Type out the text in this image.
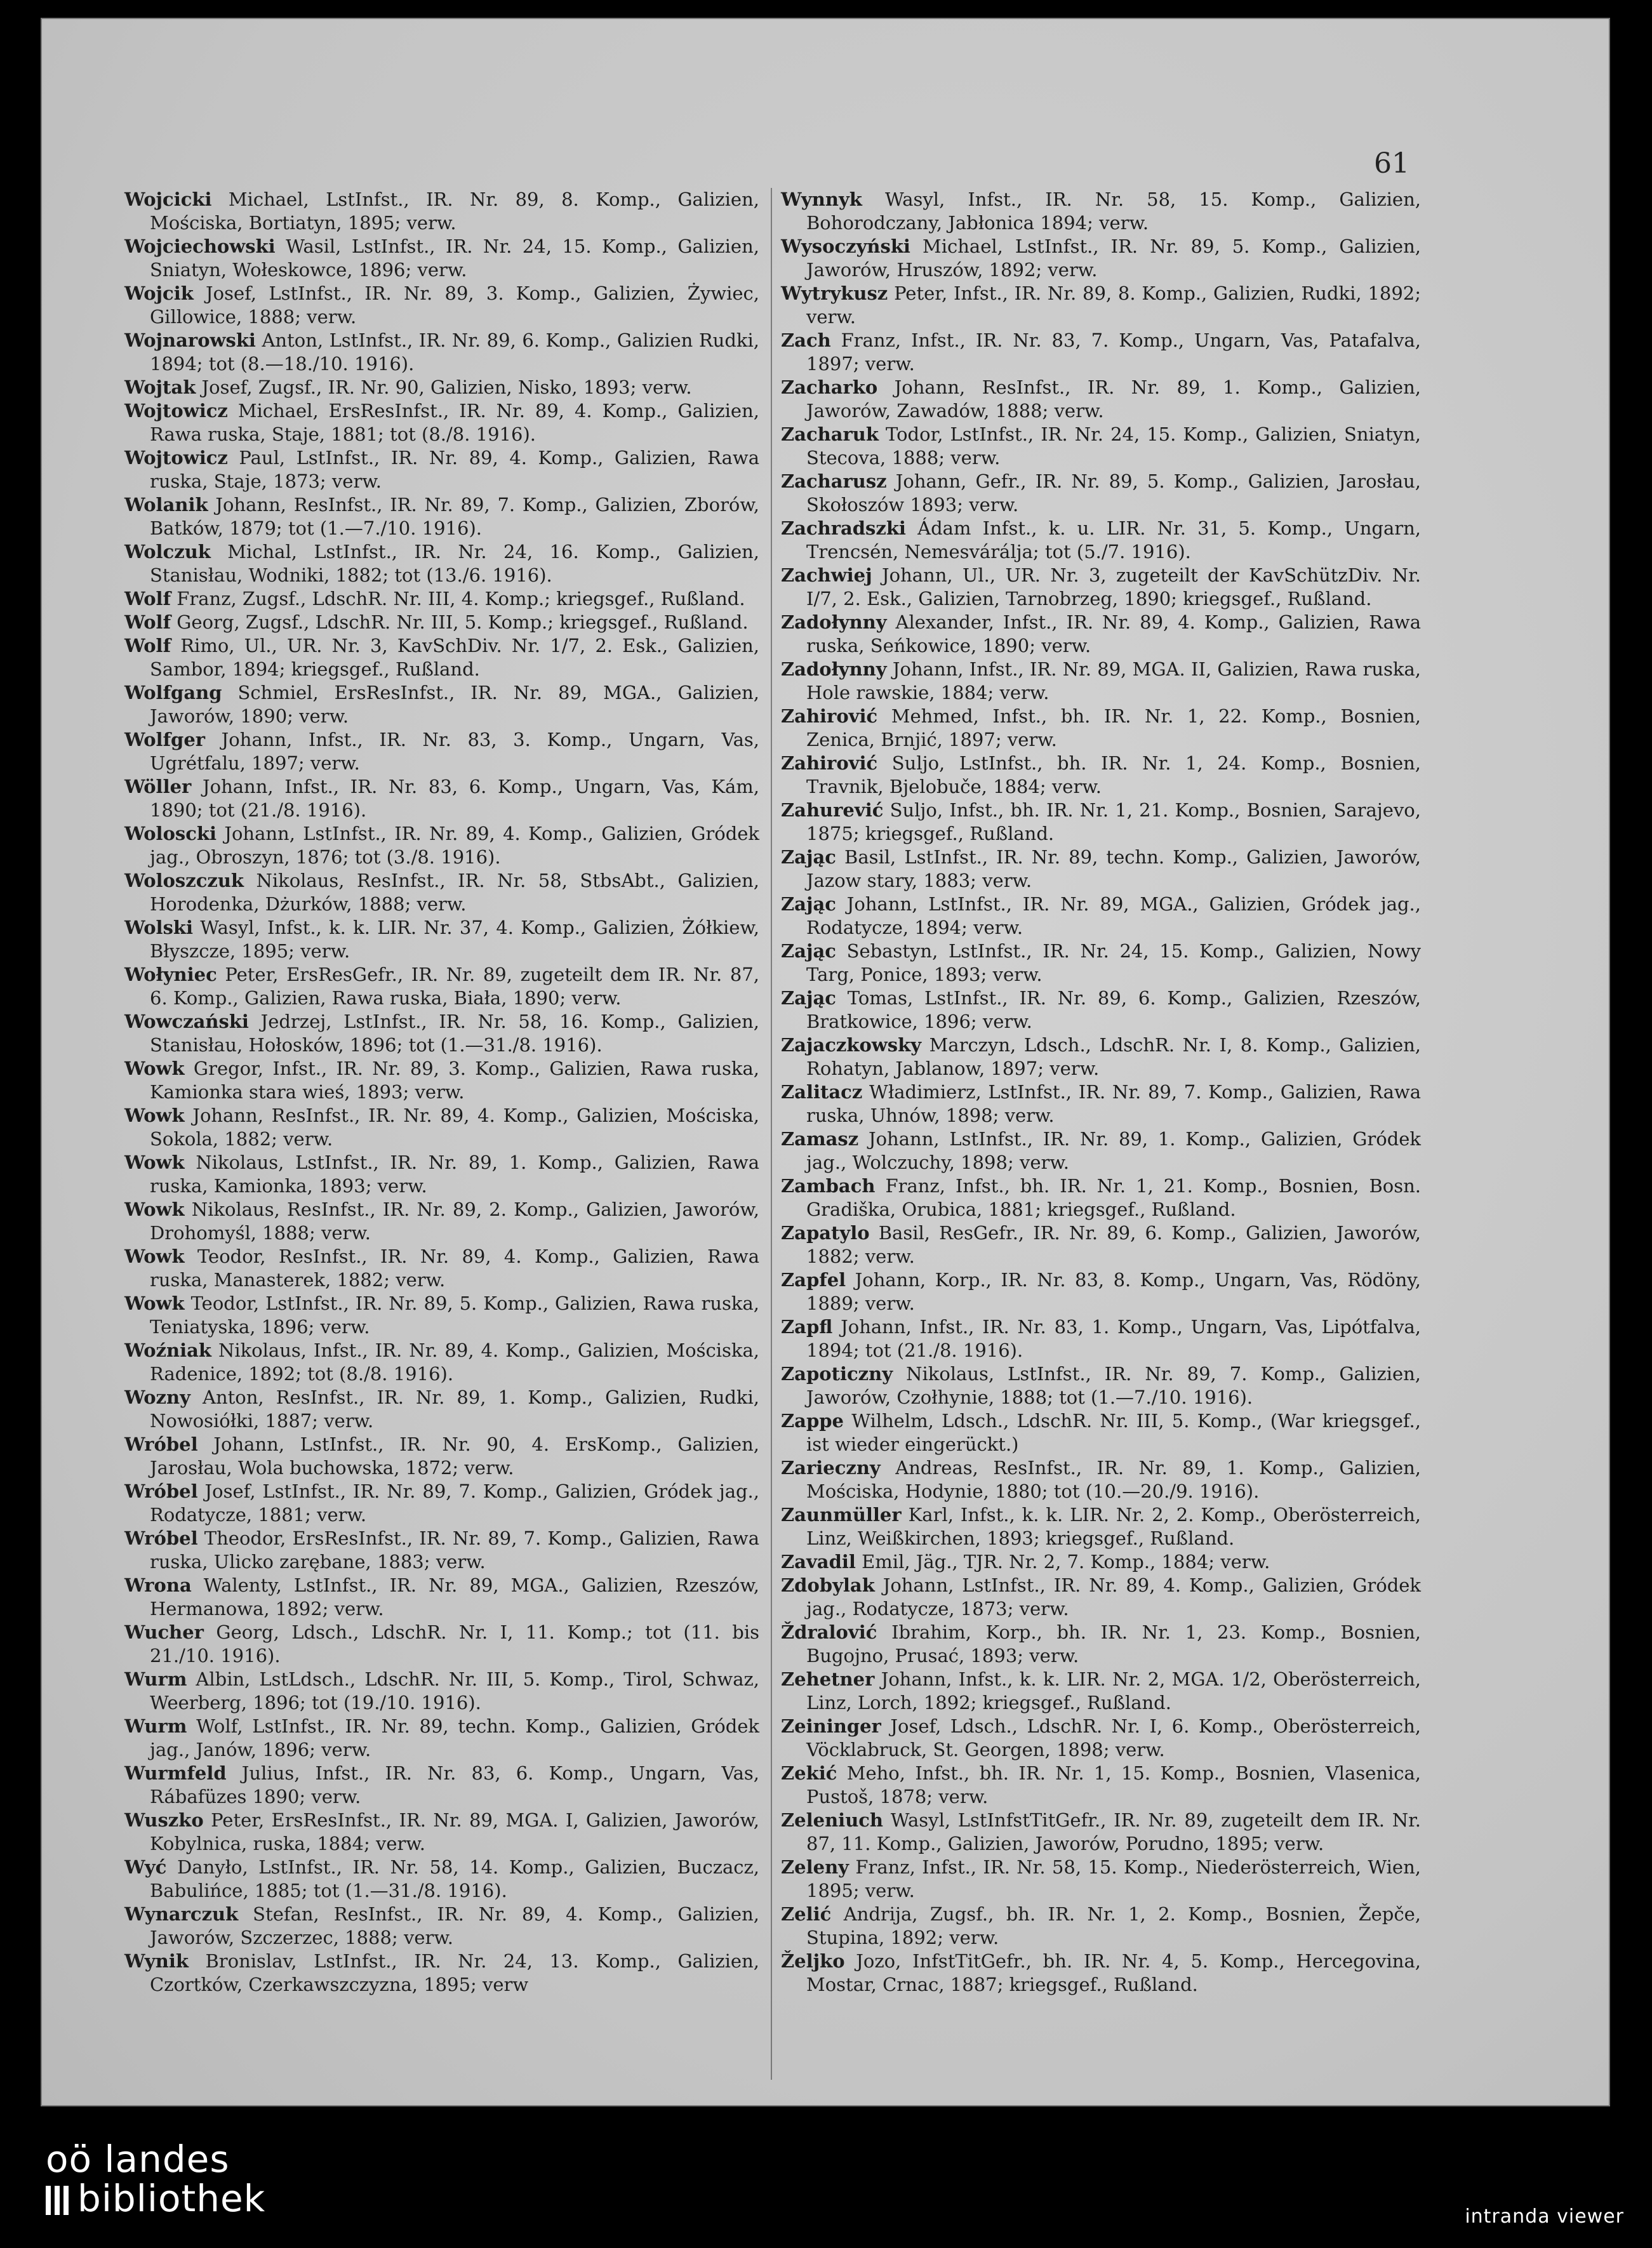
61
Wojcicki Michael, LstInfst., IR. Nr. 89, 8. Komp., Galizien, Mościska, Bortiatyn, 1895; verw.
Wojciechowski Wasil, LstInfst., IR. Nr. 24, 15. Komp., Galizien, Sniatyn, Wołeskowce, 1896; verw.
Wojcik Josef, LstInfst., IR. Nr. 89, 3. Komp., Galizien, Żywiec, Gillowice, 1888; verw.
Wojnarowski Anton, LstInfst., IR. Nr. 89, 6. Komp., Galizien Rudki, 1894; tot (8.—18./10. 1916).
Wojtak Josef, Zugsf., IR. Nr. 90, Galizien, Nisko, 1893; verw.
Wojtowicz Michael, ErsResInfst., IR. Nr. 89, 4. Komp., Galizien, Rawa ruska, Staje, 1881; tot (8./8. 1916).
Wojtowicz Paul, LstInfst., IR. Nr. 89, 4. Komp., Galizien, Rawa ruska, Staje, 1873; verw.
Wolanik Johann, ResInfst., IR. Nr. 89, 7. Komp., Galizien, Zborów, Batków, 1879; tot (1.—7./10. 1916).
Wolczuk Michal, LstInfst., IR. Nr. 24, 16. Komp., Galizien, Stanisłau, Wodniki, 1882; tot (13./6. 1916).
Wolf Franz, Zugsf., LdschR. Nr. III, 4. Komp.; kriegsgef., Rußland.
Wolf Georg, Zugsf., LdschR. Nr. III, 5. Komp.; kriegsgef., Rußland.
Wolf Rimo, Ul., UR. Nr. 3, KavSchDiv. Nr. 1/7, 2. Esk., Galizien, Sambor, 1894; kriegsgef., Rußland.
Wolfgang Schmiel, ErsResInfst., IR. Nr. 89, MGA., Galizien, Jaworów, 1890; verw.
Wolfger Johann, Infst., IR. Nr. 83, 3. Komp., Ungarn, Vas, Ugrétfalu, 1897; verw.
Wöller Johann, Infst., IR. Nr. 83, 6. Komp., Ungarn, Vas, Kám, 1890; tot (21./8. 1916).
Woloscki Johann, LstInfst., IR. Nr. 89, 4. Komp., Galizien, Gródek jag., Obroszyn, 1876; tot (3./8. 1916).
Woloszczuk Nikolaus, ResInfst., IR. Nr. 58, StbsAbt., Galizien, Horodenka, Dżurków, 1888; verw.
Wolski Wasyl, Infst., k. k. LIR. Nr. 37, 4. Komp., Galizien, Żółkiew, Błyszcze, 1895; verw.
Wołyniec Peter, ErsResGefr., IR. Nr. 89, zugeteilt dem IR. Nr. 87, 6. Komp., Galizien, Rawa ruska, Biała, 1890; verw.
Wowczański Jedrzej, LstInfst., IR. Nr. 58, 16. Komp., Galizien, Stanisłau, Hołosków, 1896; tot (1.—31./8. 1916).
Wowk Gregor, Infst., IR. Nr. 89, 3. Komp., Galizien, Rawa ruska, Kamionka stara wieś, 1893; verw.
Wowk Johann, ResInfst., IR. Nr. 89, 4. Komp., Galizien, Mościska, Sokola, 1882; verw.
Wowk Nikolaus, LstInfst., IR. Nr. 89, 1. Komp., Galizien, Rawa ruska, Kamionka, 1893; verw.
Wowk Nikolaus, ResInfst., IR. Nr. 89, 2. Komp., Galizien, Jaworów, Drohomyśl, 1888; verw.
Wowk Teodor, ResInfst., IR. Nr. 89, 4. Komp., Galizien, Rawa ruska, Manasterek, 1882; verw.
Wowk Teodor, LstInfst., IR. Nr. 89, 5. Komp., Galizien, Rawa ruska, Teniatyska, 1896; verw.
Woźniak Nikolaus, Infst., IR. Nr. 89, 4. Komp., Galizien, Mościska, Radenice, 1892; tot (8./8. 1916).
Wozny Anton, ResInfst., IR. Nr. 89, 1. Komp., Galizien, Rudki, Nowosiółki, 1887; verw.
Wróbel Johann, LstInfst., IR. Nr. 90, 4. ErsKomp., Galizien, Jarosłau, Wola buchowska, 1872; verw.
Wróbel Josef, LstInfst., IR. Nr. 89, 7. Komp., Galizien, Gródek jag., Rodatycze, 1881; verw.
Wróbel Theodor, ErsResInfst., IR. Nr. 89, 7. Komp., Galizien, Rawa ruska, Ulicko zarębane, 1883; verw.
Wrona Walenty, LstInfst., IR. Nr. 89, MGA., Galizien, Rzeszów, Hermanowa, 1892; verw.
Wucher Georg, Ldsch., LdschR. Nr. I, 11. Komp.; tot (11. bis 21./10. 1916).
Wurm Albin, LstLdsch., LdschR. Nr. III, 5. Komp., Tirol, Schwaz, Weerberg, 1896; tot (19./10. 1916).
Wurm Wolf, LstInfst., IR. Nr. 89, techn. Komp., Galizien, Gródek jag., Janów, 1896; verw.
Wurmfeld Julius, Infst., IR. Nr. 83, 6. Komp., Ungarn, Vas, Rábafüzes 1890; verw.
Wuszko Peter, ErsResInfst., IR. Nr. 89, MGA. I, Galizien, Jaworów, Kobylnica, ruska, 1884; verw.
Wyć Danyło, LstInfst., IR. Nr. 58, 14. Komp., Galizien, Buczacz, Babulińce, 1885; tot (1.—31./8. 1916).
Wynarczuk Stefan, ResInfst., IR. Nr. 89, 4. Komp., Galizien, Jaworów, Szczerzec, 1888; verw.
Wynik Bronislav, LstInfst., IR. Nr. 24, 13. Komp., Galizien, Czortków, Czerkawszczyzna, 1895; verw
Wynnyk Wasyl, Infst., IR. Nr. 58, 15. Komp., Galizien, Bohorodczany, Jabłonica 1894; verw.
Wysoczyński Michael, LstInfst., IR. Nr. 89, 5. Komp., Galizien, Jaworów, Hruszów, 1892; verw.
Wytrykusz Peter, Infst., IR. Nr. 89, 8. Komp., Galizien, Rudki, 1892; verw.
Zach Franz, Infst., IR. Nr. 83, 7. Komp., Ungarn, Vas, Patafalva, 1897; verw.
Zacharko Johann, ResInfst., IR. Nr. 89, 1. Komp., Galizien, Jaworów, Zawadów, 1888; verw.
Zacharuk Todor, LstInfst., IR. Nr. 24, 15. Komp., Galizien, Sniatyn, Stecova, 1888; verw.
Zacharusz Johann, Gefr., IR. Nr. 89, 5. Komp., Galizien, Jarosłau, Skołoszów 1893; verw.
Zachradszki Ádam Infst., k. u. LIR. Nr. 31, 5. Komp., Ungarn, Trencsén, Nemesvárálja; tot (5./7. 1916).
Zachwiej Johann, Ul., UR. Nr. 3, zugeteilt der KavSchützDiv. Nr. I/7, 2. Esk., Galizien, Tarnobrzeg, 1890; kriegsgef., Rußland.
Zadołynny Alexander, Infst., IR. Nr. 89, 4. Komp., Galizien, Rawa ruska, Seńkowice, 1890; verw.
Zadołynny Johann, Infst., IR. Nr. 89, MGA. II, Galizien, Rawa ruska, Hole rawskie, 1884; verw.
Zahirović Mehmed, Infst., bh. IR. Nr. 1, 22. Komp., Bosnien, Zenica, Brnjić, 1897; verw.
Zahirović Suljo, LstInfst., bh. IR. Nr. 1, 24. Komp., Bosnien, Travnik, Bjelobuče, 1884; verw.
Zahurević Suljo, Infst., bh. IR. Nr. 1, 21. Komp., Bosnien, Sarajevo, 1875; kriegsgef., Rußland.
Zając Basil, LstInfst., IR. Nr. 89, techn. Komp., Galizien, Jaworów, Jazow stary, 1883; verw.
Zając Johann, LstInfst., IR. Nr. 89, MGA., Galizien, Gródek jag., Rodatycze, 1894; verw.
Zając Sebastyn, LstInfst., IR. Nr. 24, 15. Komp., Galizien, Nowy Targ, Ponice, 1893; verw.
Zając Tomas, LstInfst., IR. Nr. 89, 6. Komp., Galizien, Rzeszów, Bratkowice, 1896; verw.
Zajaczkowsky Marczyn, Ldsch., LdschR. Nr. I, 8. Komp., Galizien, Rohatyn, Jablanow, 1897; verw.
Zalitacz Władimierz, LstInfst., IR. Nr. 89, 7. Komp., Galizien, Rawa ruska, Uhnów, 1898; verw.
Zamasz Johann, LstInfst., IR. Nr. 89, 1. Komp., Galizien, Gródek jag., Wolczuchy, 1898; verw.
Zambach Franz, Infst., bh. IR. Nr. 1, 21. Komp., Bosnien, Bosn. Gradiška, Orubica, 1881; kriegsgef., Rußland.
Zapatylo Basil, ResGefr., IR. Nr. 89, 6. Komp., Galizien, Jaworów, 1882; verw.
Zapfel Johann, Korp., IR. Nr. 83, 8. Komp., Ungarn, Vas, Rödöny, 1889; verw.
Zapfl Johann, Infst., IR. Nr. 83, 1. Komp., Ungarn, Vas, Lipótfalva, 1894; tot (21./8. 1916).
Zapoticzny Nikolaus, LstInfst., IR. Nr. 89, 7. Komp., Galizien, Jaworów, Czołhynie, 1888; tot (1.—7./10. 1916).
Zappe Wilhelm, Ldsch., LdschR. Nr. III, 5. Komp., (War kriegsgef., ist wieder eingerückt.)
Zarieczny Andreas, ResInfst., IR. Nr. 89, 1. Komp., Galizien, Mościska, Hodynie, 1880; tot (10.—20./9. 1916).
Zaunmüller Karl, Infst., k. k. LIR. Nr. 2, 2. Komp., Oberösterreich, Linz, Weißkirchen, 1893; kriegsgef., Rußland.
Zavadil Emil, Jäg., TJR. Nr. 2, 7. Komp., 1884; verw.
Zdobylak Johann, LstInfst., IR. Nr. 89, 4. Komp., Galizien, Gródek jag., Rodatycze, 1873; verw.
Ždralović Ibrahim, Korp., bh. IR. Nr. 1, 23. Komp., Bosnien, Bugojno, Prusać, 1893; verw.
Zehetner Johann, Infst., k. k. LIR. Nr. 2, MGA. 1/2, Oberösterreich, Linz, Lorch, 1892; kriegsgef., Rußland.
Zeininger Josef, Ldsch., LdschR. Nr. I, 6. Komp., Oberösterreich, Vöcklabruck, St. Georgen, 1898; verw.
Zekić Meho, Infst., bh. IR. Nr. 1, 15. Komp., Bosnien, Vlasenica, Pustoš, 1878; verw.
Zeleniuch Wasyl, LstInfstTitGefr., IR. Nr. 89, zugeteilt dem IR. Nr. 87, 11. Komp., Galizien, Jaworów, Porudno, 1895; verw.
Zeleny Franz, Infst., IR. Nr. 58, 15. Komp., Niederösterreich, Wien, 1895; verw.
Zelić Andrija, Zugsf., bh. IR. Nr. 1, 2. Komp., Bosnien, Žepče, Stupina, 1892; verw.
Željko Jozo, InfstTitGefr., bh. IR. Nr. 4, 5. Komp., Hercegovina, Mostar, Crnac, 1887; kriegsgef., Rußland.
oö landes
bibliothek	intranda viewer
